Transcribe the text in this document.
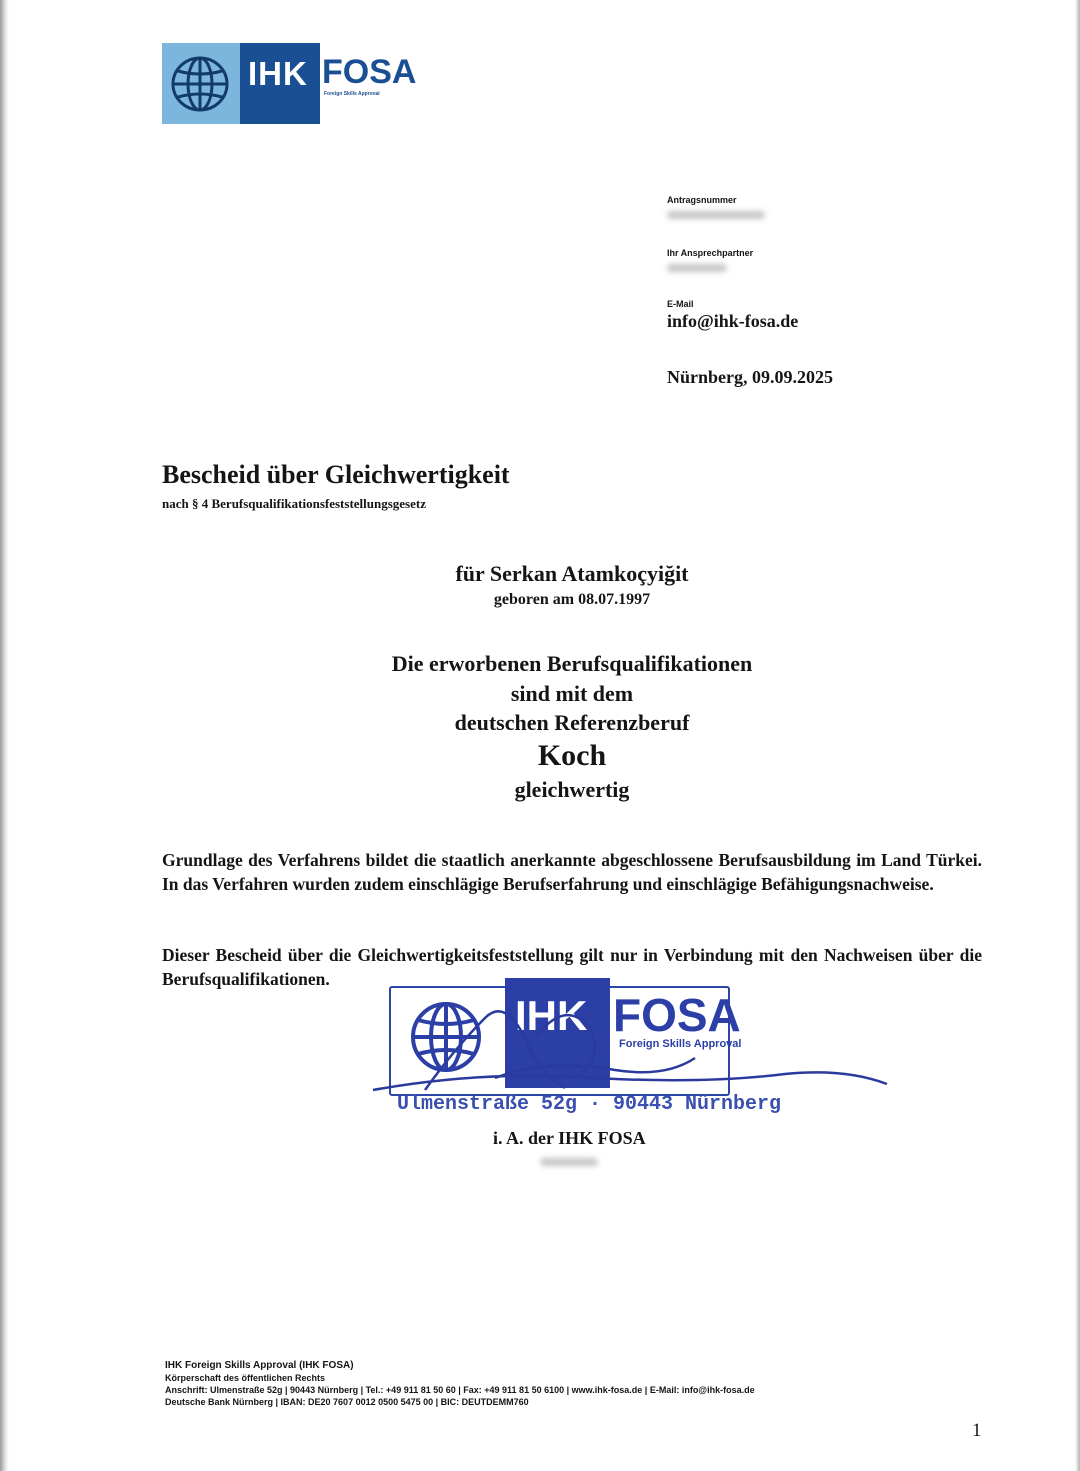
IHK FOSA
Foreign Skills Approval
Antragsnummer
Ihr Ansprechpartner
E-Mail
info@ihk-fosa.de
Nürnberg, 09.09.2025
Bescheid über Gleichwertigkeit
nach § 4 Berufsqualifikationsfeststellungsgesetz
für Serkan Atamkoçyiğit
geboren am 08.07.1997
Die erworbenen Berufsqualifikationen
sind mit dem
deutschen Referenzberuf
Koch
gleichwertig
Grundlage des Verfahrens bildet die staatlich anerkannte abgeschlossene Berufsausbildung im Land Türkei. In das Verfahren wurden zudem einschlägige Berufserfahrung und einschlägige Befähigungsnachweise.
Dieser Bescheid über die Gleichwertigkeitsfeststellung gilt nur in Verbindung mit den Nachweisen über die Berufsqualifikationen.
IHK FOSA
Foreign Skills Approval
Ulmenstraße 52g · 90443 Nürnberg
i. A. der IHK FOSA
IHK Foreign Skills Approval (IHK FOSA)
Körperschaft des öffentlichen Rechts
Anschrift: Ulmenstraße 52g | 90443 Nürnberg | Tel.: +49 911 81 50 60 | Fax: +49 911 81 50 6100 | www.ihk-fosa.de | E-Mail: info@ihk-fosa.de
Deutsche Bank Nürnberg | IBAN: DE20 7607 0012 0500 5475 00 | BIC: DEUTDEMM760
1
